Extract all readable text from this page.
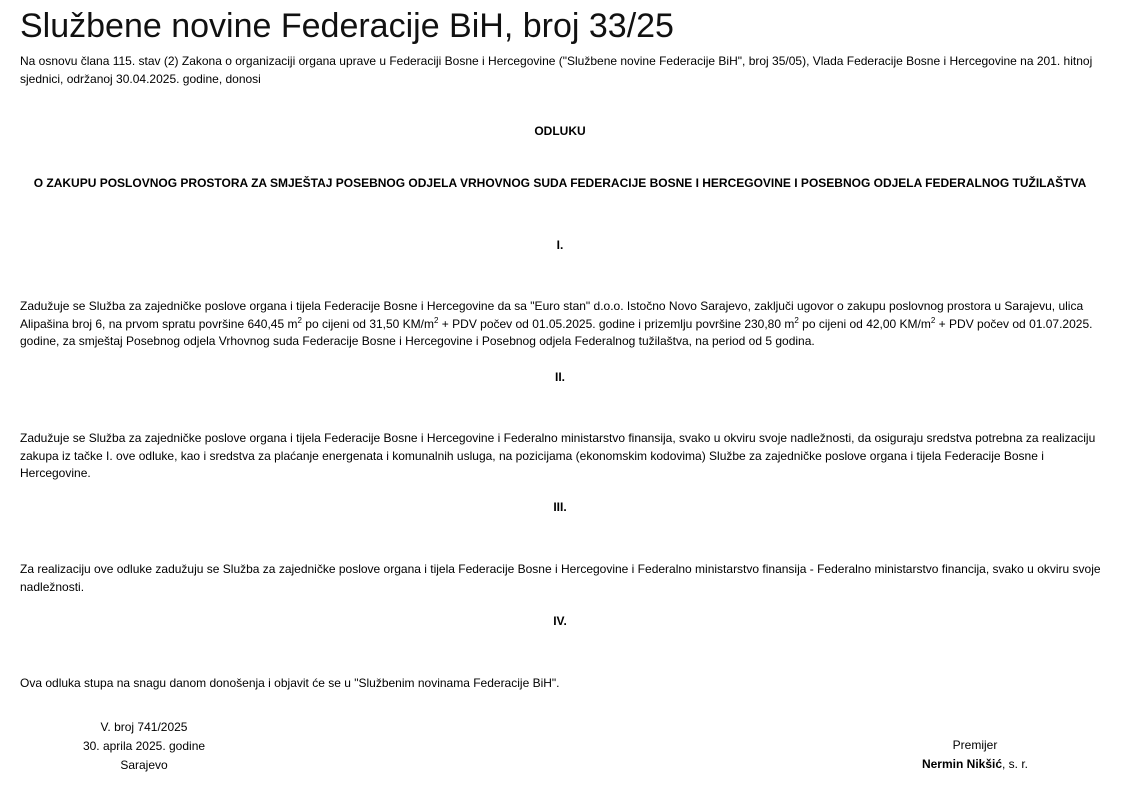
Službene novine Federacije BiH, broj 33/25
Na osnovu člana 115. stav (2) Zakona o organizaciji organa uprave u Federaciji Bosne i Hercegovine ("Službene novine Federacije BiH", broj 35/05), Vlada Federacije Bosne i Hercegovine na 201. hitnoj sjednici, održanoj 30.04.2025. godine, donosi
ODLUKU
O ZAKUPU POSLOVNOG PROSTORA ZA SMJEŠTAJ POSEBNOG ODJELA VRHOVNOG SUDA FEDERACIJE BOSNE I HERCEGOVINE I POSEBNOG ODJELA FEDERALNOG TUŽILAŠTVA
I.
Zadužuje se Služba za zajedničke poslove organa i tijela Federacije Bosne i Hercegovine da sa "Euro stan" d.o.o. Istočno Novo Sarajevo, zaključi ugovor o zakupu poslovnog prostora u Sarajevu, ulica Alipašina broj 6, na prvom spratu površine 640,45 $m^2$ po cijeni od 31,50 $KM/m^2$ + PDV počev od 01.05.2025. godine i prizemlju površine 230,80 $m^2$ po cijeni od 42,00 $KM/m^2$ + PDV počev od 01.07.2025. godine, za smještaj Posebnog odjela Vrhovnog suda Federacije Bosne i Hercegovine i Posebnog odjela Federalnog tužilaštva, na period od 5 godina.
II.
Zadužuje se Služba za zajedničke poslove organa i tijela Federacije Bosne i Hercegovine i Federalno ministarstvo finansija, svako u okviru svoje nadležnosti, da osiguraju sredstva potrebna za realizaciju zakupa iz tačke I. ove odluke, kao i sredstva za plaćanje energenata i komunalnih usluga, na pozicijama (ekonomskim kodovima) Službe za zajedničke poslove organa i tijela Federacije Bosne i Hercegovine.
III.
Za realizaciju ove odluke zadužuju se Služba za zajedničke poslove organa i tijela Federacije Bosne i Hercegovine i Federalno ministarstvo finansija - Federalno ministarstvo financija, svako u okviru svoje nadležnosti.
IV.
Ova odluka stupa na snagu danom donošenja i objavit će se u "Službenim novinama Federacije BiH".
V. broj 741/2025
30. aprila 2025. godine
Sarajevo
Premijer
Nermin Nikšić, s. r.
